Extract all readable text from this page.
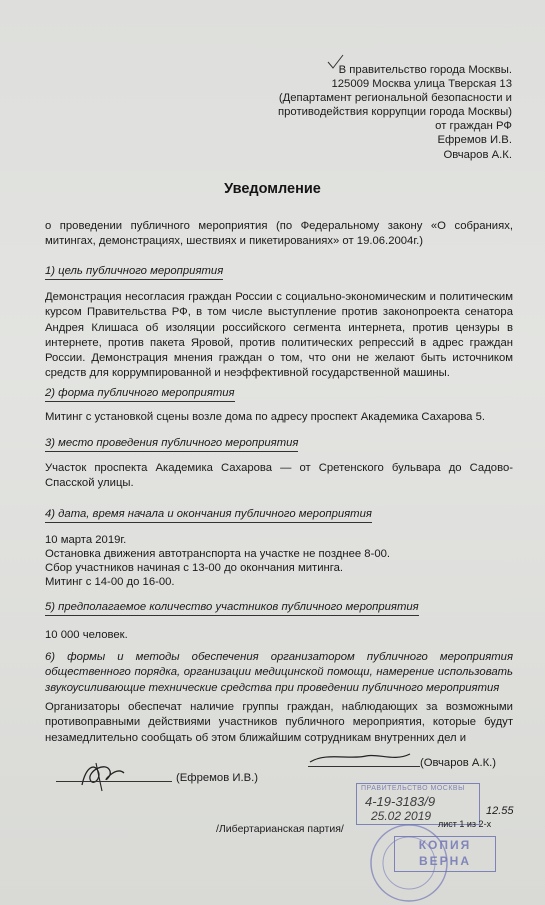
В правительство города Москвы.
125009 Москва улица Тверская 13
(Департамент региональной безопасности и
противодействия коррупции города Москвы)
от граждан РФ
Ефремов И.В.
Овчаров А.К.
Уведомление
о проведении публичного мероприятия (по Федеральному закону «О собраниях, митингах, демонстрациях, шествиях и пикетированиях» от 19.06.2004г.)
1) цель публичного мероприятия
Демонстрация несогласия граждан России с социально-экономическим и политическим курсом Правительства РФ, в том числе выступление против законопроекта сенатора Андрея Клишаса об изоляции российского сегмента интернета, против цензуры в интернете, против пакета Яровой, против политических репрессий в адрес граждан России. Демонстрация мнения граждан о том, что они не желают быть источником средств для коррумпированной и неэффективной государственной машины.
2) форма публичного мероприятия
Митинг с установкой сцены возле дома по адресу проспект Академика Сахарова 5.
3) место проведения публичного мероприятия
Участок проспекта Академика Сахарова — от Сретенского бульвара до Садово-Спасской улицы.
4) дата, время начала и окончания публичного мероприятия
10 марта 2019г.
Остановка движения автотранспорта на участке не позднее 8-00.
Сбор участников начиная с 13-00 до окончания митинга.
Митинг с 14-00 до 16-00.
5) предполагаемое количество участников публичного мероприятия
10 000 человек.
6) формы и методы обеспечения организатором публичного мероприятия общественного порядка, организации медицинской помощи, намерение использовать звукоусиливающие технические средства при проведении публичного мероприятия
Организаторы обеспечат наличие группы граждан, наблюдающих за возможными противоправными действиями участников публичного мероприятия, которые будут незамедлительно сообщать об этом ближайшим сотрудникам внутренних дел и
(Ефремов И.В.)
(Овчаров А.К.)
ПРАВИТЕЛЬСТВО МОСКВЫ
4-19-3183/9
25.02 2019	12.55
лист 1 из 2-х
/Либертарианская партия/
КОПИЯ
ВЕРНА
